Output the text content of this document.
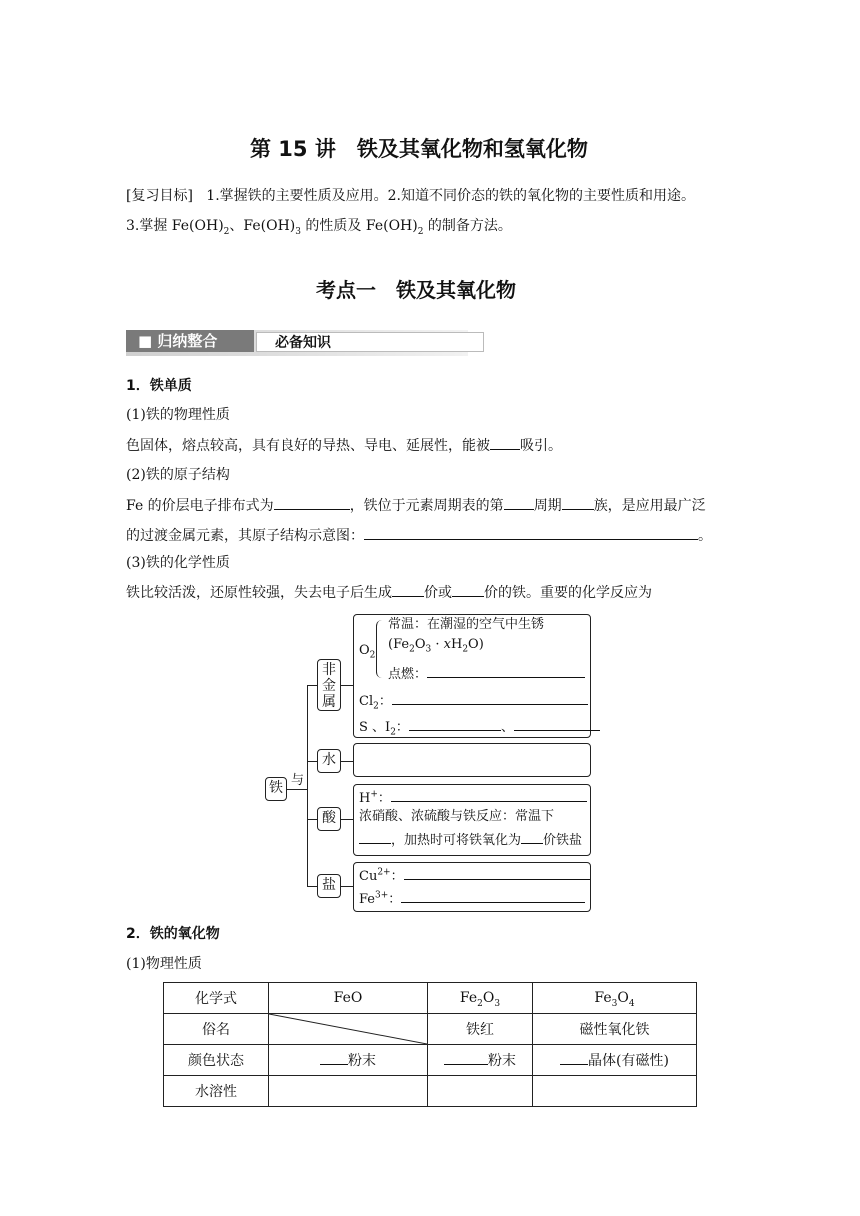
第 15 讲　铁及其氧化物和氢氧化物
[复习目标] 1.掌握铁的主要性质及应用。2.知道不同价态的铁的氧化物的主要性质和用途。
3.掌握 $Fe(OH)_2$、$Fe(OH)_3$ 的性质及 $Fe(OH)_2$ 的制备方法。
考点一　铁及其氧化物
■ 归纳整合	必备知识
1．铁单质
(1)铁的物理性质
色固体，熔点较高，具有良好的导热、导电、延展性，能被 吸引。
(2)铁的原子结构
Fe 的价层电子排布式为	，铁位于元素周期表的第 周期 族，是应用最广泛
的过渡金属元素，其原子结构示意图：	。
(3)铁的化学性质
铁比较活泼，还原性较强，失去电子后生成 价或 价的铁。重要的化学反应为
铁 与
非金属
$O_2$
常温：在潮湿的空气中生锈
$(Fe_2O_3 \cdot xH_2O)$
点燃：
$Cl_2$：
S 、$I_2$：	、
水
酸
H+：
浓硝酸、浓硫酸与铁反应：常温下
，加热时可将铁氧化为 价铁盐
盐
$Cu^{2+}$：
$Fe^{3+}$：
2．铁的氧化物
(1)物理性质
化学式	FeO	$Fe_2O_3$	$Fe_3O_4$
俗名		铁红	磁性氧化铁
颜色状态	粉末	粉末	晶体(有磁性)
水溶性			
